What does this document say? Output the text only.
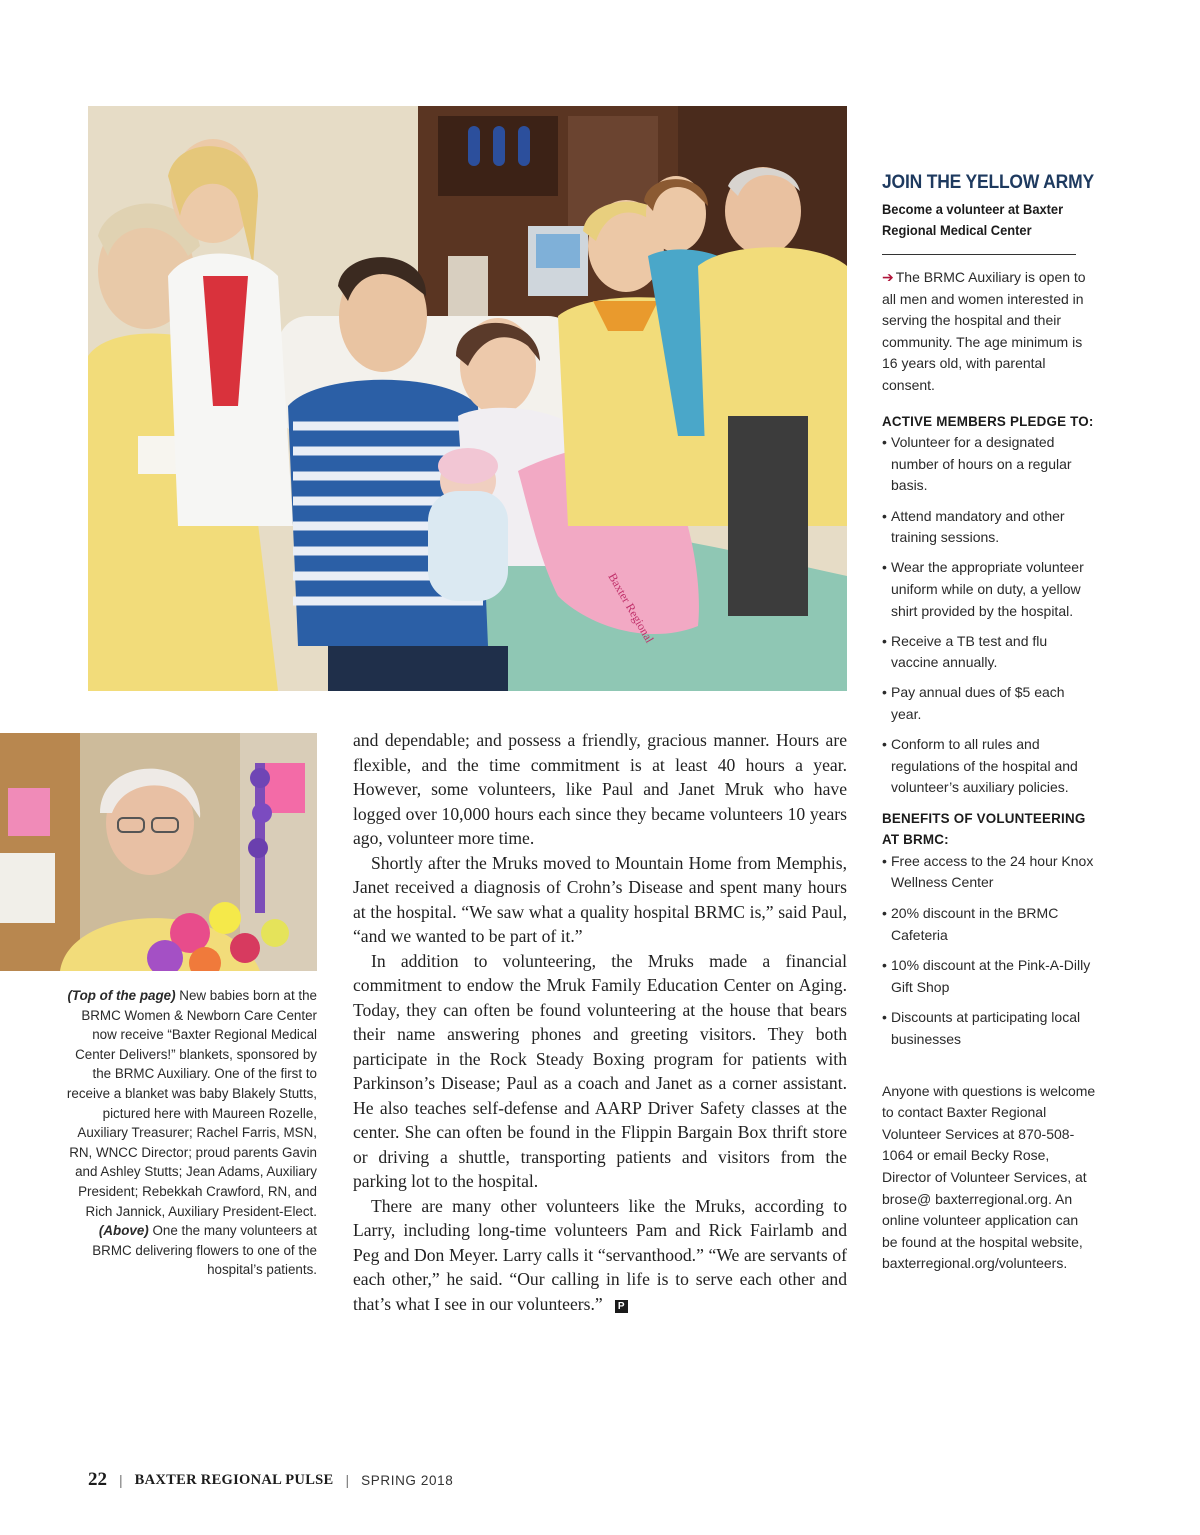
Baxter Regional
(Top of the page) New babies born at the BRMC Women & Newborn Care Center now receive “Baxter Regional Medical Center Delivers!” blankets, sponsored by the BRMC Auxiliary. One of the first to receive a blanket was baby Blakely Stutts, pictured here with Maureen Rozelle, Auxiliary Treasurer; Rachel Farris, MSN, RN, WNCC Director; proud parents Gavin and Ashley Stutts; Jean Adams, Auxiliary President; Rebekkah Crawford, RN, and Rich Jannick, Auxiliary President-Elect. (Above) One the many volunteers at BRMC delivering flowers to one of the hospital’s patients.

and dependable; and possess a friendly, gracious manner. Hours are flexible, and the time commitment is at least 40 hours a year. However, some volunteers, like Paul and Janet Mruk who have logged over 10,000 hours each since they became volunteers 10 years ago, volunteer more time.

Shortly after the Mruks moved to Mountain Home from Memphis, Janet received a diagnosis of Crohn’s Disease and spent many hours at the hospital. “We saw what a quality hospital BRMC is,” said Paul, “and we wanted to be part of it.”

In addition to volunteering, the Mruks made a financial commitment to endow the Mruk Family Education Center on Aging. Today, they can often be found volunteering at the house that bears their name answering phones and greeting visitors. They both participate in the Rock Steady Boxing program for patients with Parkinson’s Disease; Paul as a coach and Janet as a corner assistant. He also teaches self-defense and AARP Driver Safety classes at the center. She can often be found in the Flippin Bargain Box thrift store or driving a shuttle, transporting patients and visitors from the parking lot to the hospital.

There are many other volunteers like the Mruks, according to Larry, including long-time volunteers Pam and Rick Fairlamb and Peg and Don Meyer. Larry calls it “servanthood.” “We are servants of each other,” he said. “Our calling in life is to serve each other and that’s what I see in our volunteers.” P

JOIN THE YELLOW ARMY
Become a volunteer at Baxter Regional Medical Center
➔ The BRMC Auxiliary is open to all men and women interested in serving the hospital and their community. The age minimum is 16 years old, with parental consent.
ACTIVE MEMBERS PLEDGE TO:
• Volunteer for a designated number of hours on a regular basis.
• Attend mandatory and other training sessions.
• Wear the appropriate volunteer uniform while on duty, a yellow shirt provided by the hospital.
• Receive a TB test and flu vaccine annually.
• Pay annual dues of $5 each year.
• Conform to all rules and regulations of the hospital and volunteer’s auxiliary policies.
BENEFITS OF VOLUNTEERING AT BRMC:
• Free access to the 24 hour Knox Wellness Center
• 20% discount in the BRMC Cafeteria
• 10% discount at the Pink-A-Dilly Gift Shop
• Discounts at participating local businesses
Anyone with questions is welcome to contact Baxter Regional Volunteer Services at 870-508-1064 or email Becky Rose, Director of Volunteer Services, at brose@ baxterregional.org. An online volunteer application can be found at the hospital website, baxterregional.org/volunteers.
22 | BAXTER REGIONAL PULSE | SPRING 2018
